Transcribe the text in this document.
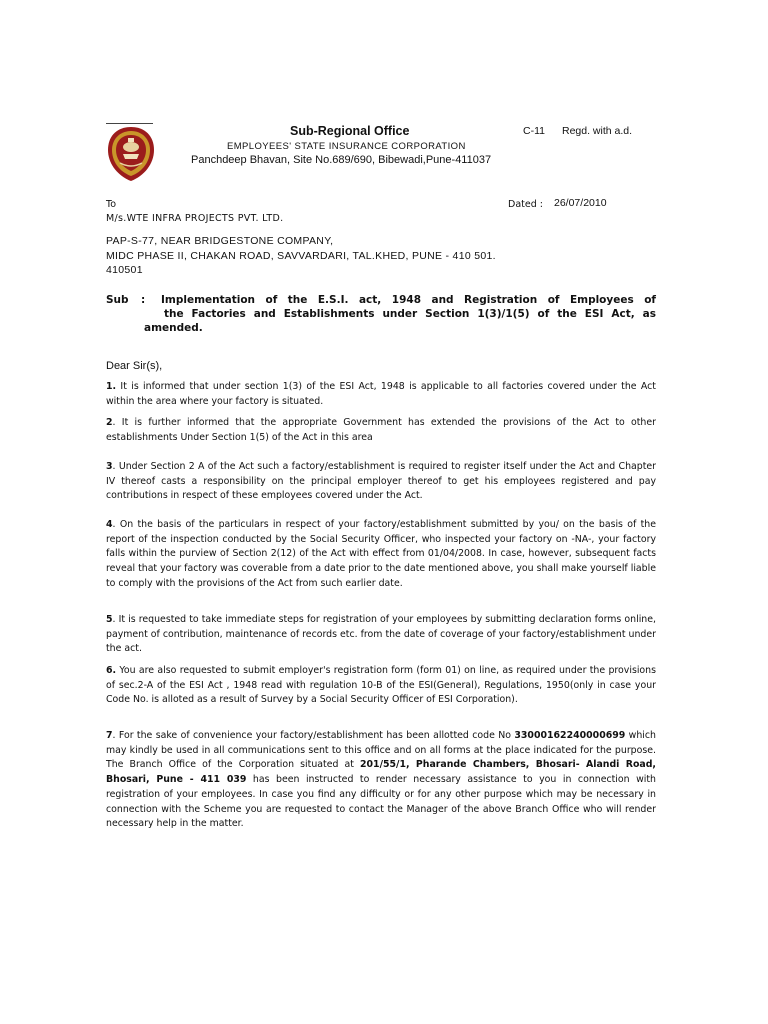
Sub-Regional Office
EMPLOYEES' STATE INSURANCE CORPORATION
Panchdeep Bhavan, Site No.689/690, Bibewadi,Pune-411037
C-11 Regd. with a.d.
To	Dated : 26/07/2010
M/s.WTE INFRA PROJECTS PVT. LTD.
PAP-S-77, NEAR BRIDGESTONE COMPANY,
MIDC PHASE II, CHAKAN ROAD, SAVVARDARI, TAL.KHED, PUNE - 410 501.
410501
Sub	:	Implementation of the E.S.I. act, 1948 and Registration of Employees of
the Factories and Establishments under Section 1(3)/1(5) of the ESI Act, as
amended.
Dear Sir(s),
1. It is informed that under section 1(3) of the ESI Act, 1948 is applicable to all factories covered under the Act within the area where your factory is situated.
2. It is further informed that the appropriate Government has extended the provisions of the Act to other establishments Under Section 1(5) of the Act in this area
3. Under Section 2 A of the Act such a factory/establishment is required to register itself under the Act and Chapter IV thereof casts a responsibility on the principal employer thereof to get his employees registered and pay contributions in respect of these employees covered under the Act.
4. On the basis of the particulars in respect of your factory/establishment submitted by you/ on the basis of the report of the inspection conducted by the Social Security Officer, who inspected your factory on -NA-, your factory falls within the purview of Section 2(12) of the Act with effect from 01/04/2008. In case, however, subsequent facts reveal that your factory was coverable from a date prior to the date mentioned above, you shall make yourself liable to comply with the provisions of the Act from such earlier date.
5. It is requested to take immediate steps for registration of your employees by submitting declaration forms online, payment of contribution, maintenance of records etc. from the date of coverage of your factory/establishment under the act.
6. You are also requested to submit employer's registration form (form 01) on line, as required under the provisions of sec.2-A of the ESI Act , 1948 read with regulation 10-B of the ESI(General), Regulations, 1950(only in case your Code No. is alloted as a result of Survey by a Social Security Officer of ESI Corporation).
7. For the sake of convenience your factory/establishment has been allotted code No 33000162240000699 which may kindly be used in all communications sent to this office and on all forms at the place indicated for the purpose. The Branch Office of the Corporation situated at 201/55/1, Pharande Chambers, Bhosari- Alandi Road, Bhosari, Pune - 411 039 has been instructed to render necessary assistance to you in connection with registration of your employees. In case you find any difficulty or for any other purpose which may be necessary in connection with the Scheme you are requested to contact the Manager of the above Branch Office who will render necessary help in the matter.
